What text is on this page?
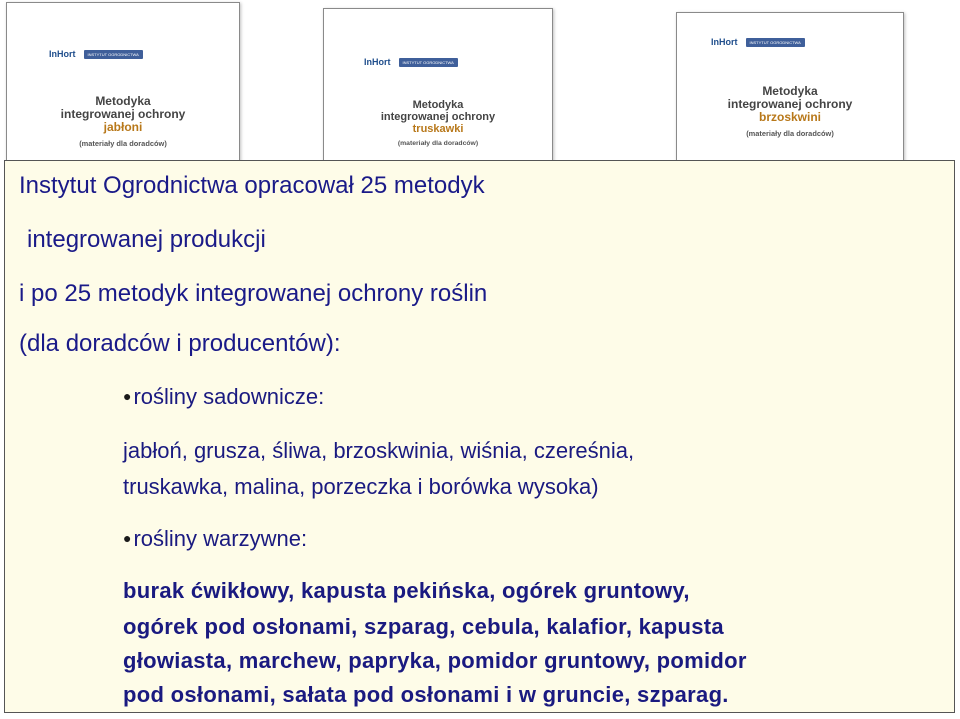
InHort	INSTYTUT OGRODNICTWA
Metodyka
integrowanej ochrony
jabłoni
(materiały dla doradców)
InHort	INSTYTUT OGRODNICTWA
Metodyka
integrowanej ochrony
truskawki
(materiały dla doradców)
InHort	INSTYTUT OGRODNICTWA
Metodyka
integrowanej ochrony
brzoskwini
(materiały dla doradców)
Instytut Ogrodnictwa opracował 25 metodyk
integrowanej produkcji
i po 25 metodyk integrowanej ochrony roślin
(dla doradców i producentów):
● rośliny sadownicze:
jabłoń, grusza, śliwa, brzoskwinia, wiśnia, czereśnia,
truskawka, malina, porzeczka i borówka wysoka)
● rośliny warzywne:
burak ćwikłowy, kapusta pekińska, ogórek gruntowy,
ogórek pod osłonami, szparag, cebula, kalafior, kapusta
głowiasta, marchew, papryka, pomidor gruntowy, pomidor
pod osłonami, sałata pod osłonami i w gruncie, szparag.
